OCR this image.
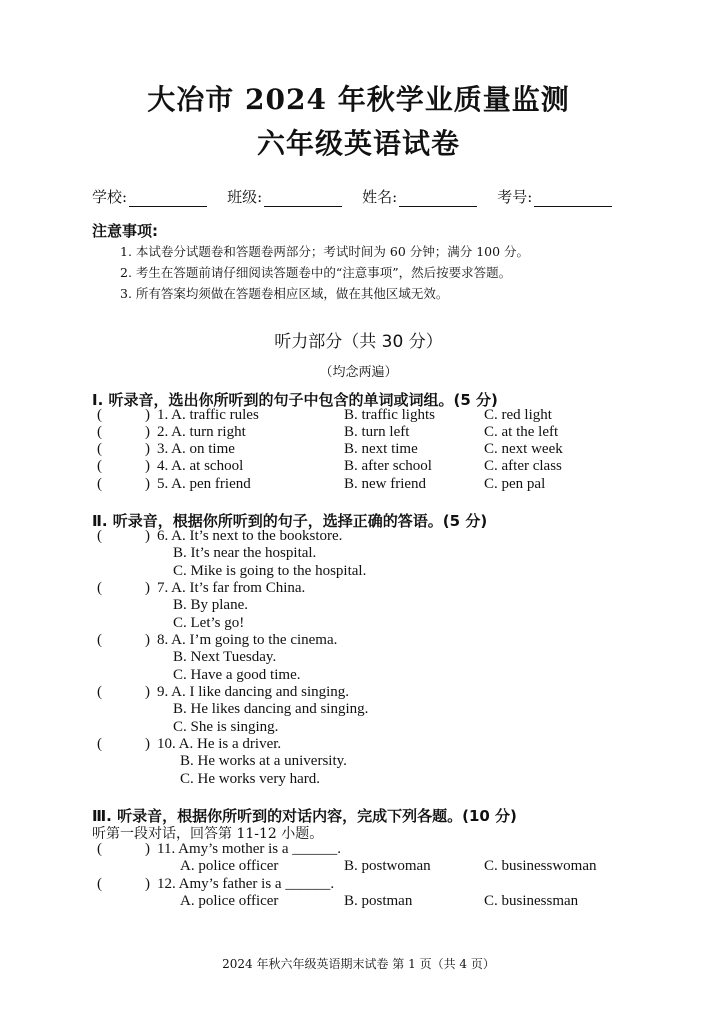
大冶市 2024 年秋学业质量监测
六年级英语试卷
学校:	班级:	姓名:	考号:
注意事项:
1. 本试卷分试题卷和答题卷两部分；考试时间为 60 分钟；满分 100 分。
2. 考生在答题前请仔细阅读答题卷中的“注意事项”，然后按要求答题。
3. 所有答案均须做在答题卷相应区域，做在其他区域无效。
听力部分（共 30 分）
（均念两遍）
Ⅰ. 听录音，选出你所听到的句子中包含的单词或词组。(5 分)
(	) 1. A. traffic rules	B. traffic lights	C. red light
(	) 2. A. turn right	B. turn left	C. at the left
(	) 3. A. on time	B. next time	C. next week
(	) 4. A. at school	B. after school	C. after class
(	) 5. A. pen friend	B. new friend	C. pen pal
Ⅱ. 听录音，根据你所听到的句子，选择正确的答语。(5 分)
(	) 6. A. It’s next to the bookstore.
B. It’s near the hospital.
C. Mike is going to the hospital.
(	) 7. A. It’s far from China.
B. By plane.
C. Let’s go!
(	) 8. A. I’m going to the cinema.
B. Next Tuesday.
C. Have a good time.
(	) 9. A. I like dancing and singing.
B. He likes dancing and singing.
C. She is singing.
(	) 10. A. He is a driver.
B. He works at a university.
C. He works very hard.
Ⅲ. 听录音，根据你所听到的对话内容，完成下列各题。(10 分)
听第一段对话，回答第 11-12 小题。
(	) 11. Amy’s mother is a ______.
A. police officer	B. postwoman	C. businesswoman
(	) 12. Amy’s father is a ______.
A. police officer	B. postman	C. businessman
2024 年秋六年级英语期末试卷 第 1 页（共 4 页）
